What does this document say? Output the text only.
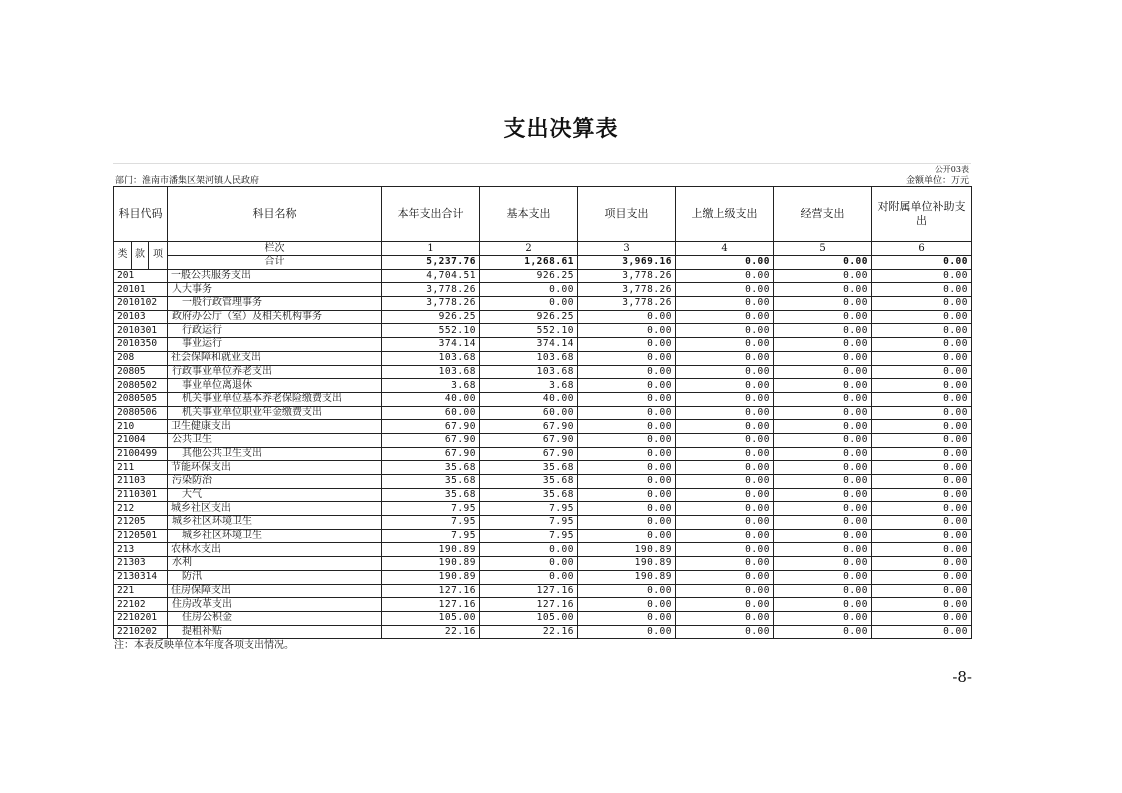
支出决算表
公开03表
部门：淮南市潘集区架河镇人民政府	金额单位：万元
科目代码			科目名称	本年支出合计	基本支出	项目支出	上缴上级支出	经营支出	对附属单位补助支出
类	款	项	栏次	1	2	3	4	5	6
			合计	5,237.76	1,268.61	3,969.16	0.00	0.00	0.00
201			一般公共服务支出	4,704.51	926.25	3,778.26	0.00	0.00	0.00
20101			人大事务	3,778.26	0.00	3,778.26	0.00	0.00	0.00
2010102			一般行政管理事务	3,778.26	0.00	3,778.26	0.00	0.00	0.00
20103			政府办公厅（室）及相关机构事务	926.25	926.25	0.00	0.00	0.00	0.00
2010301			行政运行	552.10	552.10	0.00	0.00	0.00	0.00
2010350			事业运行	374.14	374.14	0.00	0.00	0.00	0.00
208			社会保障和就业支出	103.68	103.68	0.00	0.00	0.00	0.00
20805			行政事业单位养老支出	103.68	103.68	0.00	0.00	0.00	0.00
2080502			事业单位离退休	3.68	3.68	0.00	0.00	0.00	0.00
2080505			机关事业单位基本养老保险缴费支出	40.00	40.00	0.00	0.00	0.00	0.00
2080506			机关事业单位职业年金缴费支出	60.00	60.00	0.00	0.00	0.00	0.00
210			卫生健康支出	67.90	67.90	0.00	0.00	0.00	0.00
21004			公共卫生	67.90	67.90	0.00	0.00	0.00	0.00
2100499			其他公共卫生支出	67.90	67.90	0.00	0.00	0.00	0.00
211			节能环保支出	35.68	35.68	0.00	0.00	0.00	0.00
21103			污染防治	35.68	35.68	0.00	0.00	0.00	0.00
2110301			大气	35.68	35.68	0.00	0.00	0.00	0.00
212			城乡社区支出	7.95	7.95	0.00	0.00	0.00	0.00
21205			城乡社区环境卫生	7.95	7.95	0.00	0.00	0.00	0.00
2120501			城乡社区环境卫生	7.95	7.95	0.00	0.00	0.00	0.00
213			农林水支出	190.89	0.00	190.89	0.00	0.00	0.00
21303			水利	190.89	0.00	190.89	0.00	0.00	0.00
2130314			防汛	190.89	0.00	190.89	0.00	0.00	0.00
221			住房保障支出	127.16	127.16	0.00	0.00	0.00	0.00
22102			住房改革支出	127.16	127.16	0.00	0.00	0.00	0.00
2210201			住房公积金	105.00	105.00	0.00	0.00	0.00	0.00
2210202			提租补贴	22.16	22.16	0.00	0.00	0.00	0.00
注：本表反映单位本年度各项支出情况。
-8-
